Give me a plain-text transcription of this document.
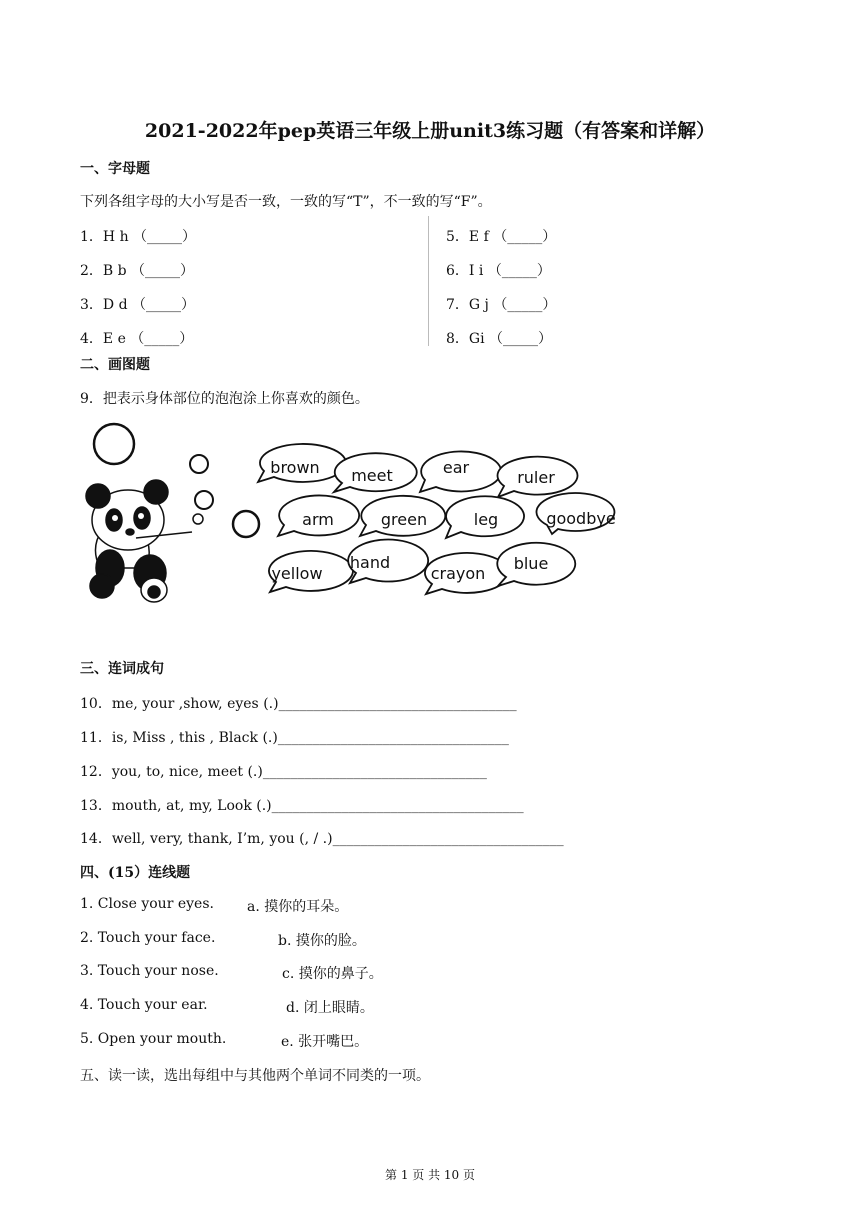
2021-2022年pep英语三年级上册unit3练习题（有答案和详解）
一、字母题
下列各组字母的大小写是否一致，一致的写“T”，不一致的写“F”。
1．H h （_____）
2．B b （_____）
3．D d （_____）
4．E e （_____）
5．E f （_____）
6．I i （_____）
7．G j （_____）
8．Gi （_____）
二、画图题
9．把表示身体部位的泡泡涂上你喜欢的颜色。
brown meet	ear
ruler
arm	green	leg	goodbye
yellow
hand
crayon
blue
三、连词成句
10．me, your ,show, eyes (.)__________________________________
11．is, Miss , this , Black (.)_________________________________
12．you, to, nice, meet (.)________________________________
13．mouth, at, my, Look (.)____________________________________
14．well, very, thank, I’m, you (, / .)_________________________________
四、(15）连线题
1. Close your eyes.
2. Touch your face.
3. Touch your nose.
4. Touch your ear.
5. Open your mouth.
a. 摸你的耳朵。
b. 摸你的脸。
c. 摸你的鼻子。
d. 闭上眼睛。
e. 张开嘴巴。
五、读一读，选出每组中与其他两个单词不同类的一项。
第 1 页 共 10 页
